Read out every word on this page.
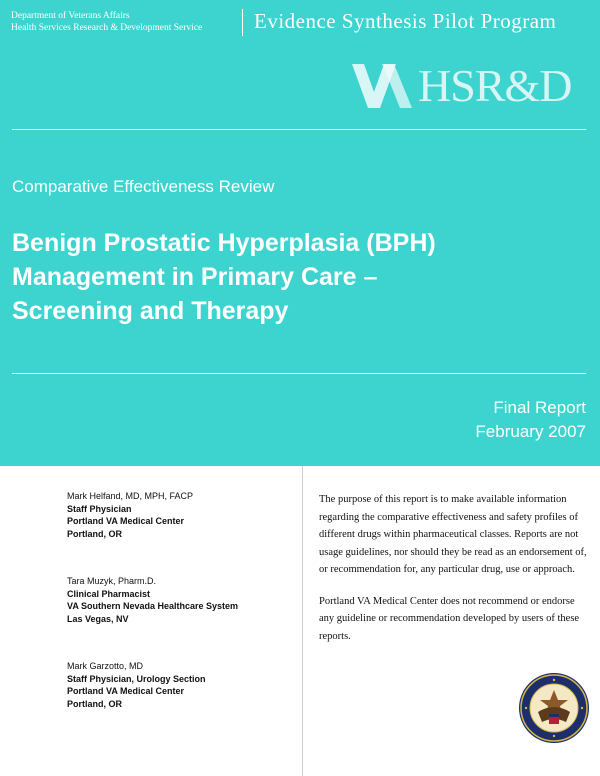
Department of Veterans Affairs
Health Services Research & Development Service Evidence Synthesis Pilot Program
HSR&D
Comparative Effectiveness Review
Benign Prostatic Hyperplasia (BPH)
Management in Primary Care –
Screening and Therapy
Final Report
February 2007
Mark Helfand, MD, MPH, FACP
Staff Physician
Portland VA Medical Center
Portland, OR
Tara Muzyk, Pharm.D.
Clinical Pharmacist
VA Southern Nevada Healthcare System
Las Vegas, NV
Mark Garzotto, MD
Staff Physician, Urology Section
Portland VA Medical Center
Portland, OR

The purpose of this report is to make available information regarding the comparative effectiveness and safety profiles of different drugs within pharmaceutical classes. Reports are not usage guidelines, nor should they be read as an endorsement of, or recommendation for, any particular drug, use or approach.

Portland VA Medical Center does not recommend or endorse any guideline or recommendation developed by users of these reports.
